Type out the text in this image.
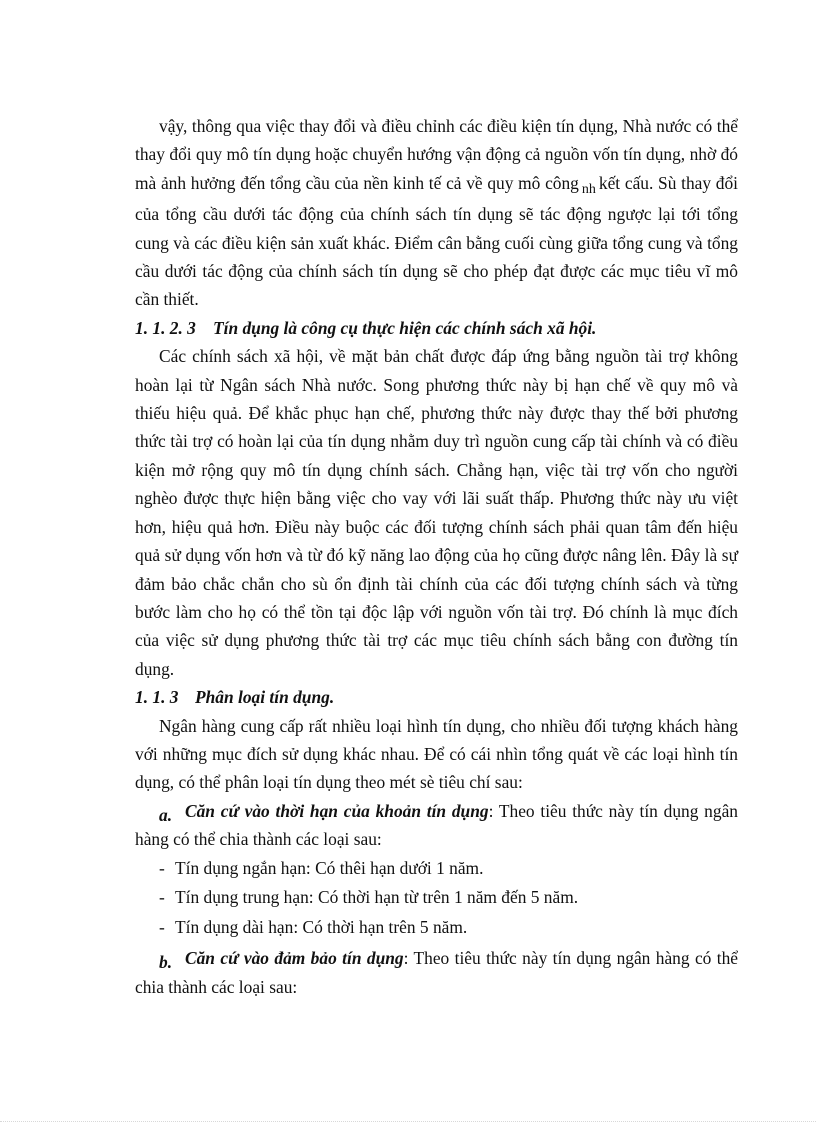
vậy, thông qua việc thay đổi và điều chỉnh các điều kiện tín dụng, Nhà nước có thể thay đổi quy mô tín dụng hoặc chuyển hướng vận động cả nguồn vốn tín dụng, nhờ đó mà ảnh hưởng đến tổng cầu của nền kinh tế cả về quy mô công $_{nh}$ kết cấu. Sù thay đổi của tổng cầu dưới tác động của chính sách tín dụng sẽ tác động ngược lại tới tổng cung và các điều kiện sản xuất khác. Điểm cân bằng cuối cùng giữa tổng cung và tổng cầu dưới tác động của chính sách tín dụng sẽ cho phép đạt được các mục tiêu vĩ mô cần thiết.

1. 1. 2. 3 Tín dụng là công cụ thực hiện các chính sách xã hội.

Các chính sách xã hội, về mặt bản chất được đáp ứng bằng nguồn tài trợ không hoàn lại từ Ngân sách Nhà nước. Song phương thức này bị hạn chế về quy mô và thiếu hiệu quả. Để khắc phục hạn chế, phương thức này được thay thế bởi phương thức tài trợ có hoàn lại của tín dụng nhằm duy trì nguồn cung cấp tài chính và có điều kiện mở rộng quy mô tín dụng chính sách. Chẳng hạn, việc tài trợ vốn cho người nghèo được thực hiện bằng việc cho vay với lãi suất thấp. Phương thức này ưu việt hơn, hiệu quả hơn. Điều này buộc các đối tượng chính sách phải quan tâm đến hiệu quả sử dụng vốn hơn và từ đó kỹ năng lao động của họ cũng được nâng lên. Đây là sự đảm bảo chắc chắn cho sù ổn định tài chính của các đối tượng chính sách và từng bước làm cho họ có thể tồn tại độc lập với nguồn vốn tài trợ. Đó chính là mục đích của việc sử dụng phương thức tài trợ các mục tiêu chính sách bằng con đường tín dụng.

1. 1. 3 Phân loại tín dụng.

Ngân hàng cung cấp rất nhiều loại hình tín dụng, cho nhiều đối tượng khách hàng với những mục đích sử dụng khác nhau. Để có cái nhìn tổng quát về các loại hình tín dụng, có thể phân loại tín dụng theo mét sè tiêu chí sau:

a. Căn cứ vào thời hạn của khoản tín dụng: Theo tiêu thức này tín dụng ngân hàng có thể chia thành các loại sau:

- Tín dụng ngắn hạn: Có thêi hạn dưới 1 năm.
- Tín dụng trung hạn: Có thời hạn từ trên 1 năm đến 5 năm.
- Tín dụng dài hạn: Có thời hạn trên 5 năm.

b. Căn cứ vào đảm bảo tín dụng: Theo tiêu thức này tín dụng ngân hàng có thể chia thành các loại sau:
